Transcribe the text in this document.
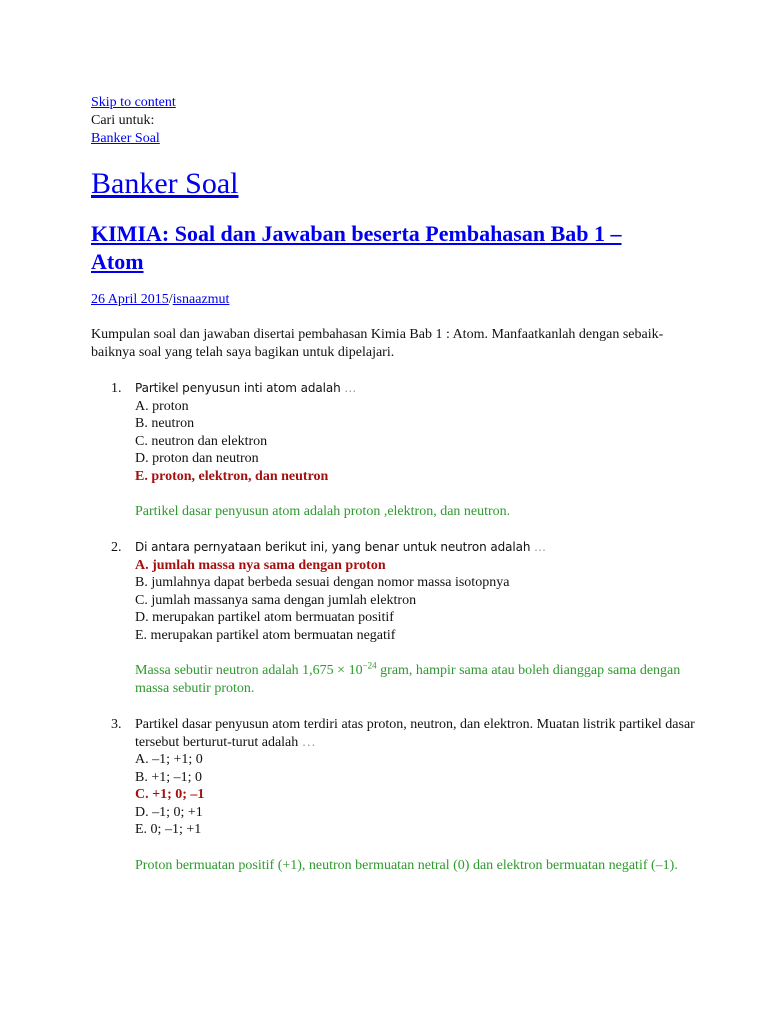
Skip to content
Cari untuk:
Banker Soal
Banker Soal
KIMIA: Soal dan Jawaban beserta Pembahasan Bab 1 – Atom
26 April 2015/isnaazmut

Kumpulan soal dan jawaban disertai pembahasan Kimia Bab 1 : Atom. Manfaatkanlah dengan sebaik-baiknya soal yang telah saya bagikan untuk dipelajari.

1. Partikel penyusun inti atom adalah …
A. proton
B. neutron
C. neutron dan elektron
D. proton dan neutron
E. proton, elektron, dan neutron
Partikel dasar penyusun atom adalah proton ,elektron, dan neutron.
2. Di antara pernyataan berikut ini, yang benar untuk neutron adalah …
A. jumlah massa nya sama dengan proton
B. jumlahnya dapat berbeda sesuai dengan nomor massa isotopnya
C. jumlah massanya sama dengan jumlah elektron
D. merupakan partikel atom bermuatan positif
E. merupakan partikel atom bermuatan negatif
Massa sebutir neutron adalah $1,675 \times 10^{-24}$ gram, hampir sama atau boleh dianggap sama dengan massa sebutir proton.
3. Partikel dasar penyusun atom terdiri atas proton, neutron, dan elektron. Muatan listrik partikel dasar tersebut berturut-turut adalah …
A. –1; +1; 0
B. +1; –1; 0
C. +1; 0; –1
D. –1; 0; +1
E. 0; –1; +1
Proton bermuatan positif (+1), neutron bermuatan netral (0) dan elektron bermuatan negatif (–1).
